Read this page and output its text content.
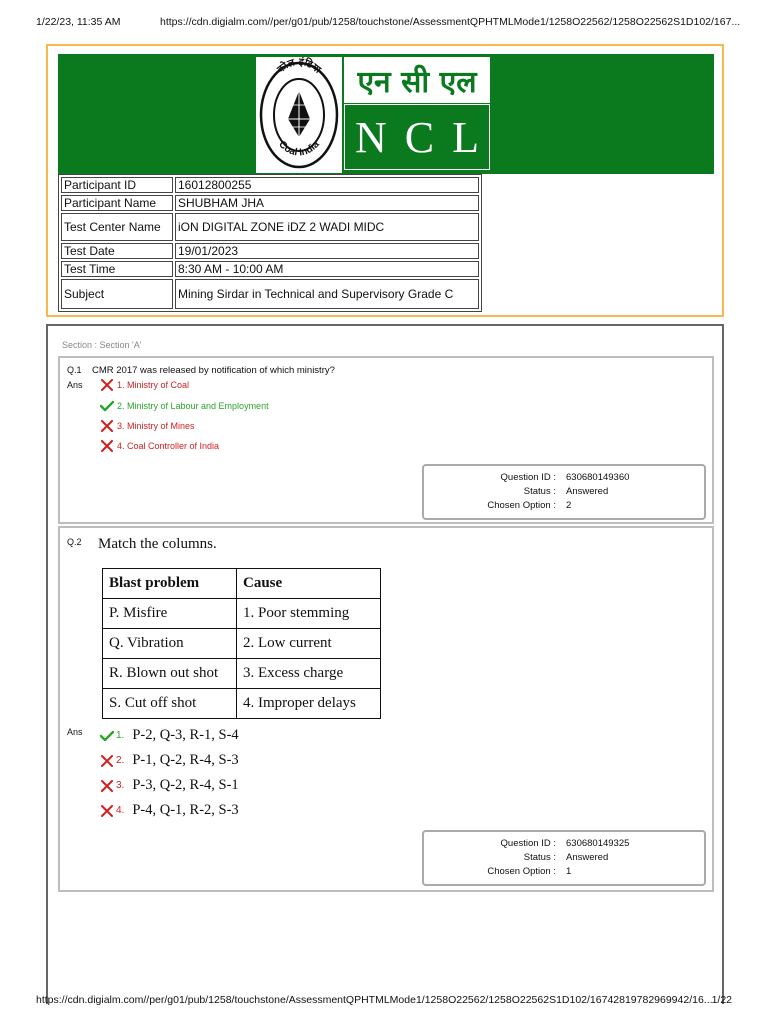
1/22/23, 11:35 AM	https://cdn.digialm.com//per/g01/pub/1258/touchstone/AssessmentQPHTMLMode1/1258O22562/1258O22562S1D102/167...
कोल इंडिया
Coal India
एन सी एल
NCL
Participant ID	16012800255
Participant Name	SHUBHAM JHA
Test Center Name	iON DIGITAL ZONE iDZ 2 WADI MIDC
Test Date	19/01/2023
Test Time	8:30 AM - 10:00 AM
Subject	Mining Sirdar in Technical and Supervisory Grade C
Section : Section 'A'
Q.1 CMR 2017 was released by notification of which ministry?
Ans	1. Ministry of Coal
2. Ministry of Labour and Employment
3. Ministry of Mines
4. Coal Controller of India
Question ID : 630680149360
Status : Answered
Chosen Option : 2
Q.2 Match the columns.
Blast problem	Cause
P. Misfire	1. Poor stemming
Q. Vibration	2. Low current
R. Blown out shot	3. Excess charge
S. Cut off shot	4. Improper delays
Ans	1. P-2, Q-3, R-1, S-4
2. P-1, Q-2, R-4, S-3
3. P-3, Q-2, R-4, S-1
4. P-4, Q-1, R-2, S-3
Question ID : 630680149325
Status : Answered
Chosen Option : 1
https://cdn.digialm.com//per/g01/pub/1258/touchstone/AssessmentQPHTMLMode1/1258O22562/1258O22562S1D102/16742819782969942/16... 1/22
